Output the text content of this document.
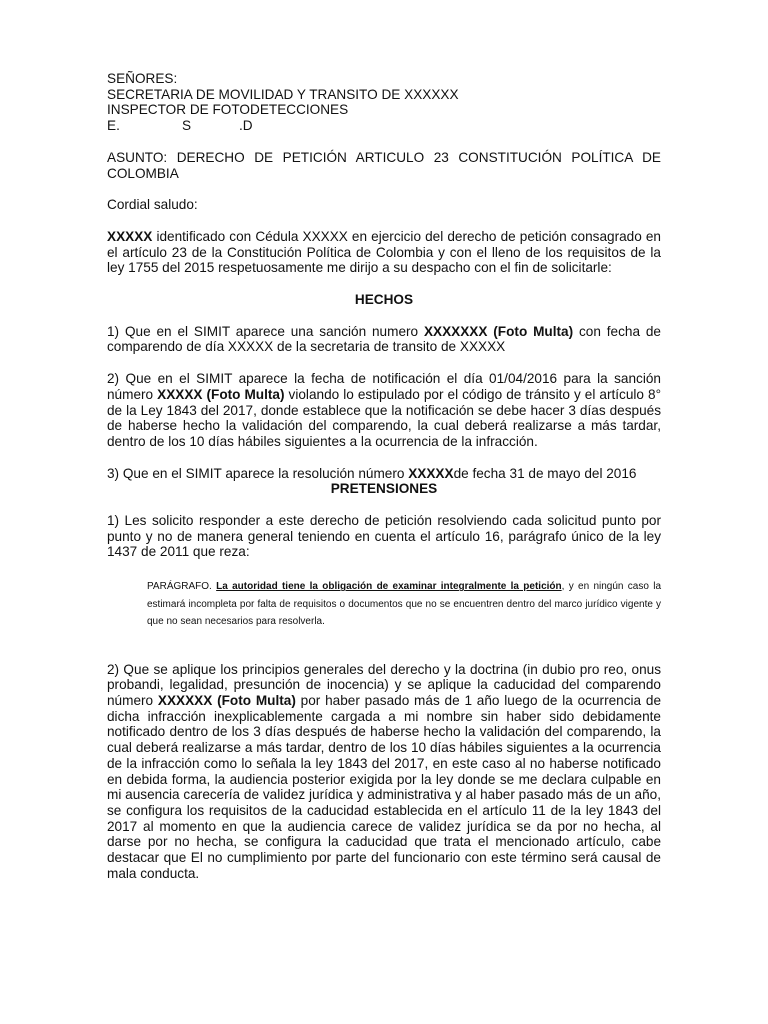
SEÑORES:

SECRETARIA DE MOVILIDAD Y TRANSITO DE XXXXXX

INSPECTOR DE FOTODETECCIONES

E.	S	.D

ASUNTO: DERECHO DE PETICIÓN ARTICULO 23 CONSTITUCIÓN POLÍTICA DE COLOMBIA

Cordial saludo:

XXXXX identificado con Cédula XXXXX en ejercicio del derecho de petición consagrado en el artículo 23 de la Constitución Política de Colombia y con el lleno de los requisitos de la ley 1755 del 2015 respetuosamente me dirijo a su despacho con el fin de solicitarle:

HECHOS

1) Que en el SIMIT aparece una sanción numero XXXXXXX (Foto Multa) con fecha de comparendo de día XXXXX de la secretaria de transito de XXXXX

2) Que en el SIMIT aparece la fecha de notificación el día 01/04/2016 para la sanción número XXXXX (Foto Multa) violando lo estipulado por el código de tránsito y el artículo 8° de la Ley 1843 del 2017, donde establece que la notificación se debe hacer 3 días después de haberse hecho la validación del comparendo, la cual deberá realizarse a más tardar, dentro de los 10 días hábiles siguientes a la ocurrencia de la infracción.

3) Que en el SIMIT aparece la resolución número XXXXXde fecha 31 de mayo del 2016

PRETENSIONES

1) Les solicito responder a este derecho de petición resolviendo cada solicitud punto por punto y no de manera general teniendo en cuenta el artículo 16, parágrafo único de la ley 1437 de 2011 que reza:

PARÁGRAFO. La autoridad tiene la obligación de examinar integralmente la petición, y en ningún caso la estimará incompleta por falta de requisitos o documentos que no se encuentren dentro del marco jurídico vigente y que no sean necesarios para resolverla.

2) Que se aplique los principios generales del derecho y la doctrina (in dubio pro reo, onus probandi, legalidad, presunción de inocencia) y se aplique la caducidad del comparendo número XXXXXX (Foto Multa) por haber pasado más de 1 año luego de la ocurrencia de dicha infracción inexplicablemente cargada a mi nombre sin haber sido debidamente notificado dentro de los 3 días después de haberse hecho la validación del comparendo, la cual deberá realizarse a más tardar, dentro de los 10 días hábiles siguientes a la ocurrencia de la infracción como lo señala la ley 1843 del 2017, en este caso al no haberse notificado en debida forma, la audiencia posterior exigida por la ley donde se me declara culpable en mi ausencia carecería de validez jurídica y administrativa y al haber pasado más de un año, se configura los requisitos de la caducidad establecida en el artículo 11 de la ley 1843 del 2017 al momento en que la audiencia carece de validez jurídica se da por no hecha, al darse por no hecha, se configura la caducidad que trata el mencionado artículo, cabe destacar que El no cumplimiento por parte del funcionario con este término será causal de mala conducta.
